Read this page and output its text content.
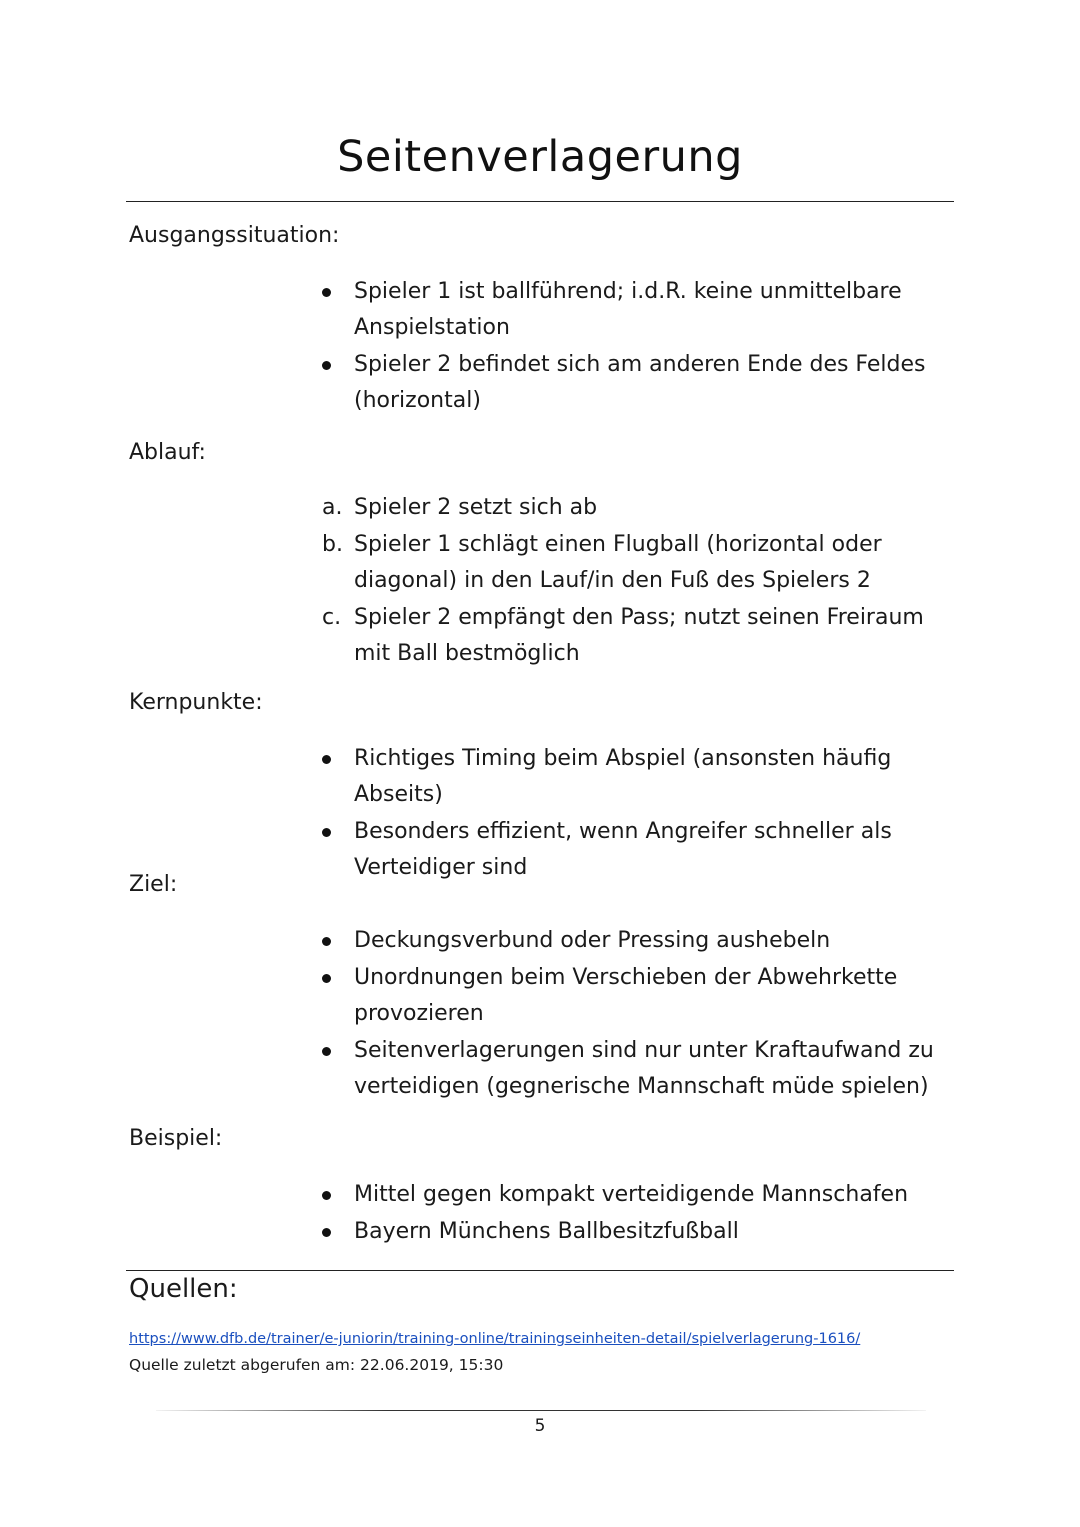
Seitenverlagerung
Ausgangssituation:
Spieler 1 ist ballführend; i.d.R. keine unmittelbare Anspielstation
Spieler 2 befindet sich am anderen Ende des Feldes (horizontal)
Ablauf:
a. Spieler 2 setzt sich ab
b. Spieler 1 schlägt einen Flugball (horizontal oder diagonal) in den Lauf/in den Fuß des Spielers 2
c. Spieler 2 empfängt den Pass; nutzt seinen Freiraum mit Ball bestmöglich
Kernpunkte:
Richtiges Timing beim Abspiel (ansonsten häufig Abseits)
Besonders effizient, wenn Angreifer schneller als Verteidiger sind
Ziel:
Deckungsverbund oder Pressing aushebeln
Unordnungen beim Verschieben der Abwehrkette provozieren
Seitenverlagerungen sind nur unter Kraftaufwand zu verteidigen (gegnerische Mannschaft müde spielen)
Beispiel:
Mittel gegen kompakt verteidigende Mannschafen
Bayern Münchens Ballbesitzfußball
Quellen:
https://www.dfb.de/trainer/e-juniorin/training-online/trainingseinheiten-detail/spielverlagerung-1616/
Quelle zuletzt abgerufen am: 22.06.2019, 15:30
5
